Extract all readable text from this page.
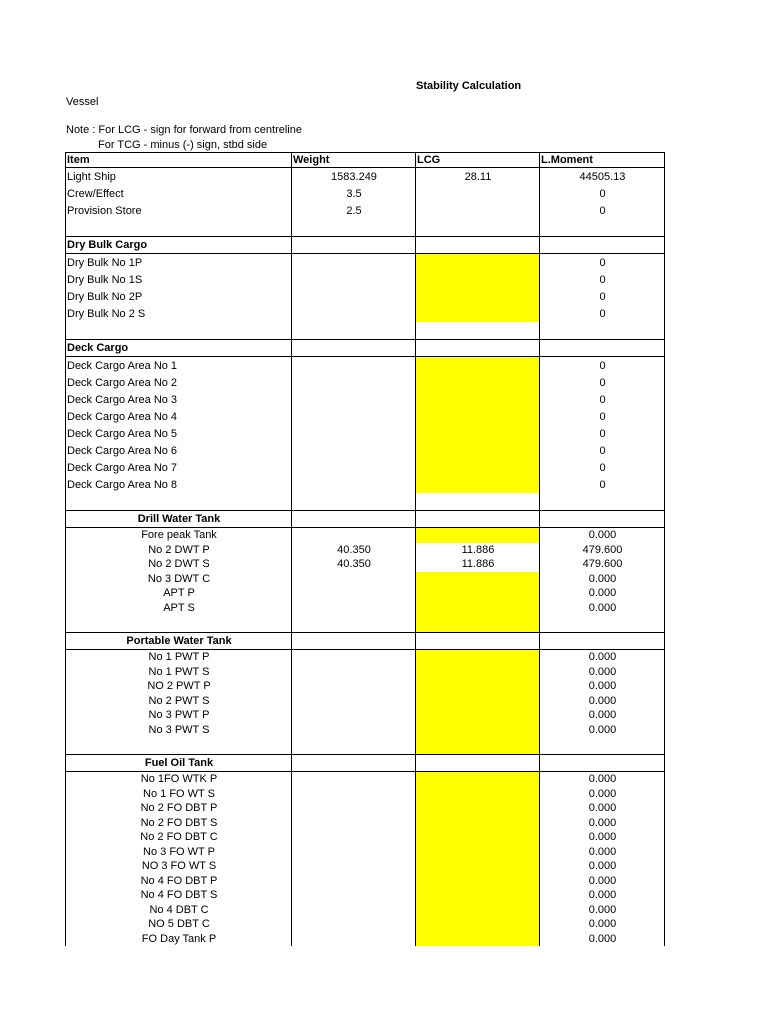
Stability Calculation
Vessel
Note : For LCG - sign for forward from centreline
For TCG - minus (-) sign, stbd side
Item	Weight	LCG	L.Moment
Light Ship	1583.249	28.11	44505.13
Crew/Effect	3.5		0
Provision Store	2.5		0

Dry Bulk Cargo			
Dry Bulk No 1P			0
Dry Bulk No 1S			0
Dry Bulk No 2P			0
Dry Bulk No 2 S			0

Deck Cargo			
Deck Cargo Area No 1			0
Deck Cargo Area No 2			0
Deck Cargo Area No 3			0
Deck Cargo Area No 4			0
Deck Cargo Area No 5			0
Deck Cargo Area No 6			0
Deck Cargo Area No 7			0
Deck Cargo Area No 8			0

Drill Water Tank			
Fore peak Tank			0.000
No 2 DWT P	40.350	11.886	479.600
No 2 DWT S	40.350	11.886	479.600
No 3 DWT C			0.000
APT P			0.000
APT S			0.000

Portable Water Tank			
No 1 PWT P			0.000
No 1 PWT S			0.000
NO 2 PWT P			0.000
No 2 PWT S			0.000
No 3 PWT P			0.000
No 3 PWT S			0.000

Fuel Oil Tank			
No 1FO WTK P			0.000
No 1 FO WT S			0.000
No 2 FO DBT P			0.000
No 2 FO DBT S			0.000
No 2 FO DBT C			0.000
No 3 FO WT P			0.000
NO 3 FO WT S			0.000
No 4 FO DBT P			0.000
No 4 FO DBT S			0.000
No 4 DBT C			0.000
NO 5 DBT C			0.000
FO Day Tank P			0.000
